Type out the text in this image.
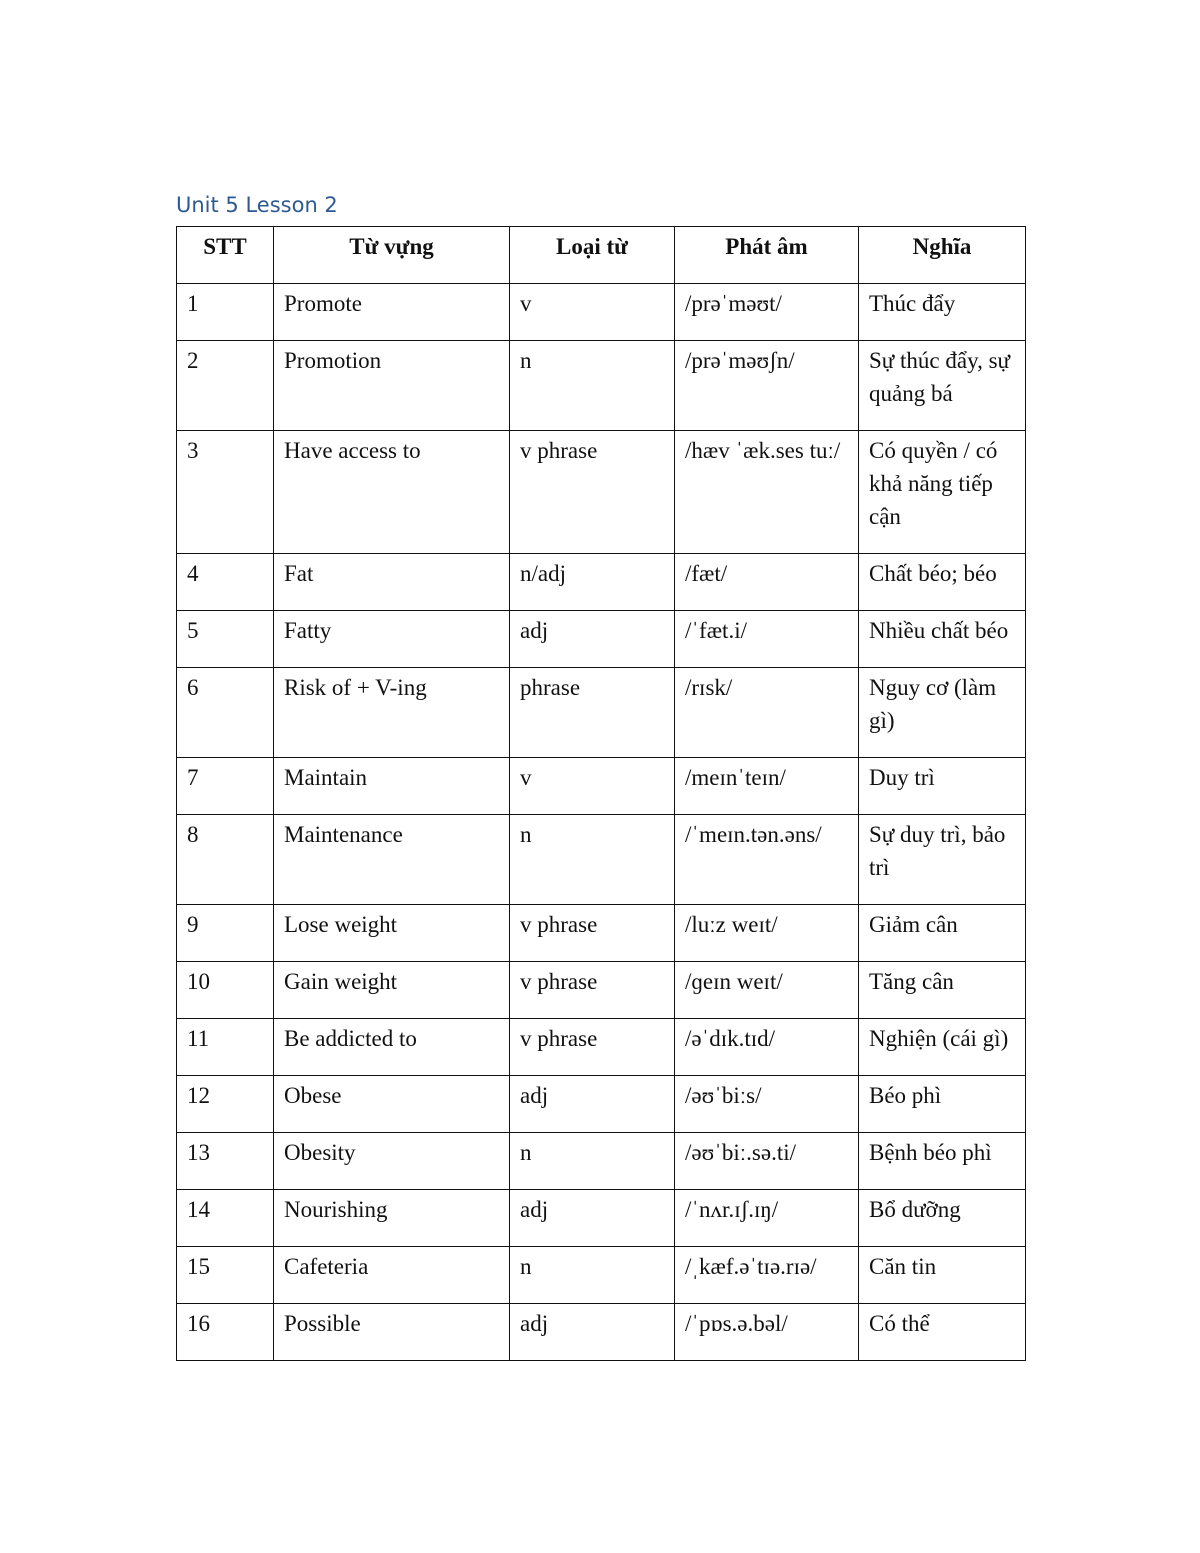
Unit 5 Lesson 2
STT	Từ vựng	Loại từ	Phát âm	Nghĩa
1	Promote	v	/prəˈməʊt/	Thúc đẩy
2	Promotion	n	/prəˈməʊʃn/	Sự thúc đẩy, sự quảng bá
3	Have access to	v phrase	/hæv ˈæk.ses tuː/	Có quyền / có khả năng tiếp cận
4	Fat	n/adj	/fæt/	Chất béo; béo
5	Fatty	adj	/ˈfæt.i/	Nhiều chất béo
6	Risk of + V-ing	phrase	/rɪsk/	Nguy cơ (làm gì)
7	Maintain	v	/meɪnˈteɪn/	Duy trì
8	Maintenance	n	/ˈmeɪn.tən.əns/	Sự duy trì, bảo trì
9	Lose weight	v phrase	/luːz weɪt/	Giảm cân
10	Gain weight	v phrase	/ɡeɪn weɪt/	Tăng cân
11	Be addicted to	v phrase	/əˈdɪk.tɪd/	Nghiện (cái gì)
12	Obese	adj	/əʊˈbiːs/	Béo phì
13	Obesity	n	/əʊˈbiː.sə.ti/	Bệnh béo phì
14	Nourishing	adj	/ˈnʌr.ɪʃ.ɪŋ/	Bổ dưỡng
15	Cafeteria	n	/ˌkæf.əˈtɪə.rɪə/	Căn tin
16	Possible	adj	/ˈpɒs.ə.bəl/	Có thể
